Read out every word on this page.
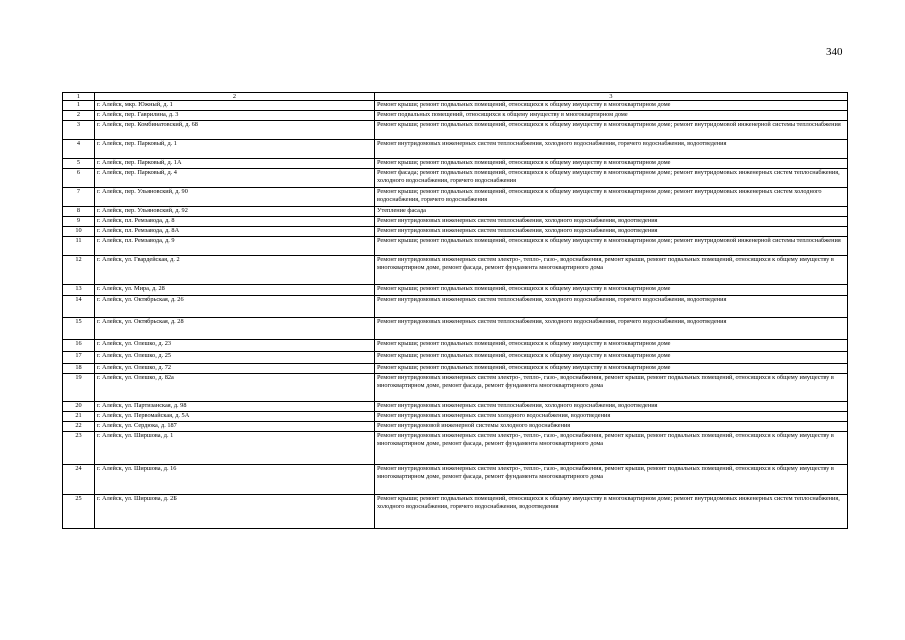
340
1	2	3
1	г. Алейск, мкр. Южный, д. 1	Ремонт крыши; ремонт подвальных помещений, относящихся к общему имуществу в многоквартирном доме
2	г. Алейск, пер. Гаврилина, д. 3	Ремонт подвальных помещений, относящихся к общему имуществу в многоквартирном доме
3	г. Алейск, пер. Комбинатовский, д. 68	Ремонт крыши; ремонт подвальных помещений, относящихся к общему имуществу в многоквартирном доме; ремонт внутридомовой инженерной системы теплоснабжения
4	г. Алейск, пер. Парковый, д. 1	Ремонт внутридомовых инженерных систем теплоснабжения, холодного водоснабжения, горячего водоснабжения, водоотведения
5	г. Алейск, пер. Парковый, д. 1А	Ремонт крыши; ремонт подвальных помещений, относящихся к общему имуществу в многоквартирном доме
6	г. Алейск, пер. Парковый, д. 4	Ремонт фасада; ремонт подвальных помещений, относящихся к общему имуществу в многоквартирном доме; ремонт внутридомовых инженерных систем теплоснабжения, холодного водоснабжения, горячего водоснабжения
7	г. Алейск, пер. Ульяновский, д. 90	Ремонт крыши; ремонт подвальных помещений, относящихся к общему имуществу в многоквартирном доме; ремонт внутридомовых инженерных систем холодного водоснабжения, горячего водоснабжения
8	г. Алейск, пер. Ульяновский, д. 92	Утепление фасада
9	г. Алейск, пл. Ремзавода, д. 8	Ремонт внутридомовых инженерных систем теплоснабжения, холодного водоснабжения, водоотведения
10	г. Алейск, пл. Ремзавода, д. 8А	Ремонт внутридомовых инженерных систем теплоснабжения, холодного водоснабжения, водоотведения
11	г. Алейск, пл. Ремзавода, д. 9	Ремонт крыши; ремонт подвальных помещений, относящихся к общему имуществу в многоквартирном доме; ремонт внутридомовой инженерной системы теплоснабжения
12	г. Алейск, ул. Гвардейская, д. 2	Ремонт внутридомовых инженерных систем электро-, тепло-, газо-, водоснабжения, ремонт крыши, ремонт подвальных помещений, относящихся к общему имуществу в многоквартирном доме, ремонт фасада, ремонт фундамента многоквартирного дома
13	г. Алейск, ул. Мира, д. 28	Ремонт крыши; ремонт подвальных помещений, относящихся к общему имуществу в многоквартирном доме
14	г. Алейск, ул. Октябрьская, д. 26	Ремонт внутридомовых инженерных систем теплоснабжения, холодного водоснабжения, горячего водоснабжения, водоотведения
15	г. Алейск, ул. Октябрьская, д. 28	Ремонт внутридомовых инженерных систем теплоснабжения, холодного водоснабжения, горячего водоснабжения, водоотведения
16	г. Алейск, ул. Олешко, д. 23	Ремонт крыши; ремонт подвальных помещений, относящихся к общему имуществу в многоквартирном доме
17	г. Алейск, ул. Олешко, д. 25	Ремонт крыши; ремонт подвальных помещений, относящихся к общему имуществу в многоквартирном доме
18	г. Алейск, ул. Олешко, д. 72	Ремонт крыши; ремонт подвальных помещений, относящихся к общему имуществу в многоквартирном доме
19	г. Алейск, ул. Олешко, д. 82а	Ремонт внутридомовых инженерных систем электро-, тепло-, газо-, водоснабжения, ремонт крыши, ремонт подвальных помещений, относящихся к общему имуществу в многоквартирном доме, ремонт фасада, ремонт фундамента многоквартирного дома
20	г. Алейск, ул. Партизанская, д. 98	Ремонт внутридомовых инженерных систем теплоснабжения, холодного водоснабжения, водоотведения
21	г. Алейск, ул. Первомайская, д. 5А	Ремонт внутридомовых инженерных систем холодного водоснабжения, водоотведения
22	г. Алейск, ул. Сердюка, д. 187	Ремонт внутридомовой инженерной системы холодного водоснабжения
23	г. Алейск, ул. Ширшова, д. 1	Ремонт внутридомовых инженерных систем электро-, тепло-, газо-, водоснабжения, ремонт крыши, ремонт подвальных помещений, относящихся к общему имуществу в многоквартирном доме, ремонт фасада, ремонт фундамента многоквартирного дома
24	г. Алейск, ул. Ширшова, д. 16	Ремонт внутридомовых инженерных систем электро-, тепло-, газо-, водоснабжения, ремонт крыши, ремонт подвальных помещений, относящихся к общему имуществу в многоквартирном доме, ремонт фасада, ремонт фундамента многоквартирного дома
25	г. Алейск, ул. Ширшова, д. 2Б	Ремонт крыши; ремонт подвальных помещений, относящихся к общему имуществу в многоквартирном доме; ремонт внутридомовых инженерных систем теплоснабжения, холодного водоснабжения, горячего водоснабжения, водоотведения
